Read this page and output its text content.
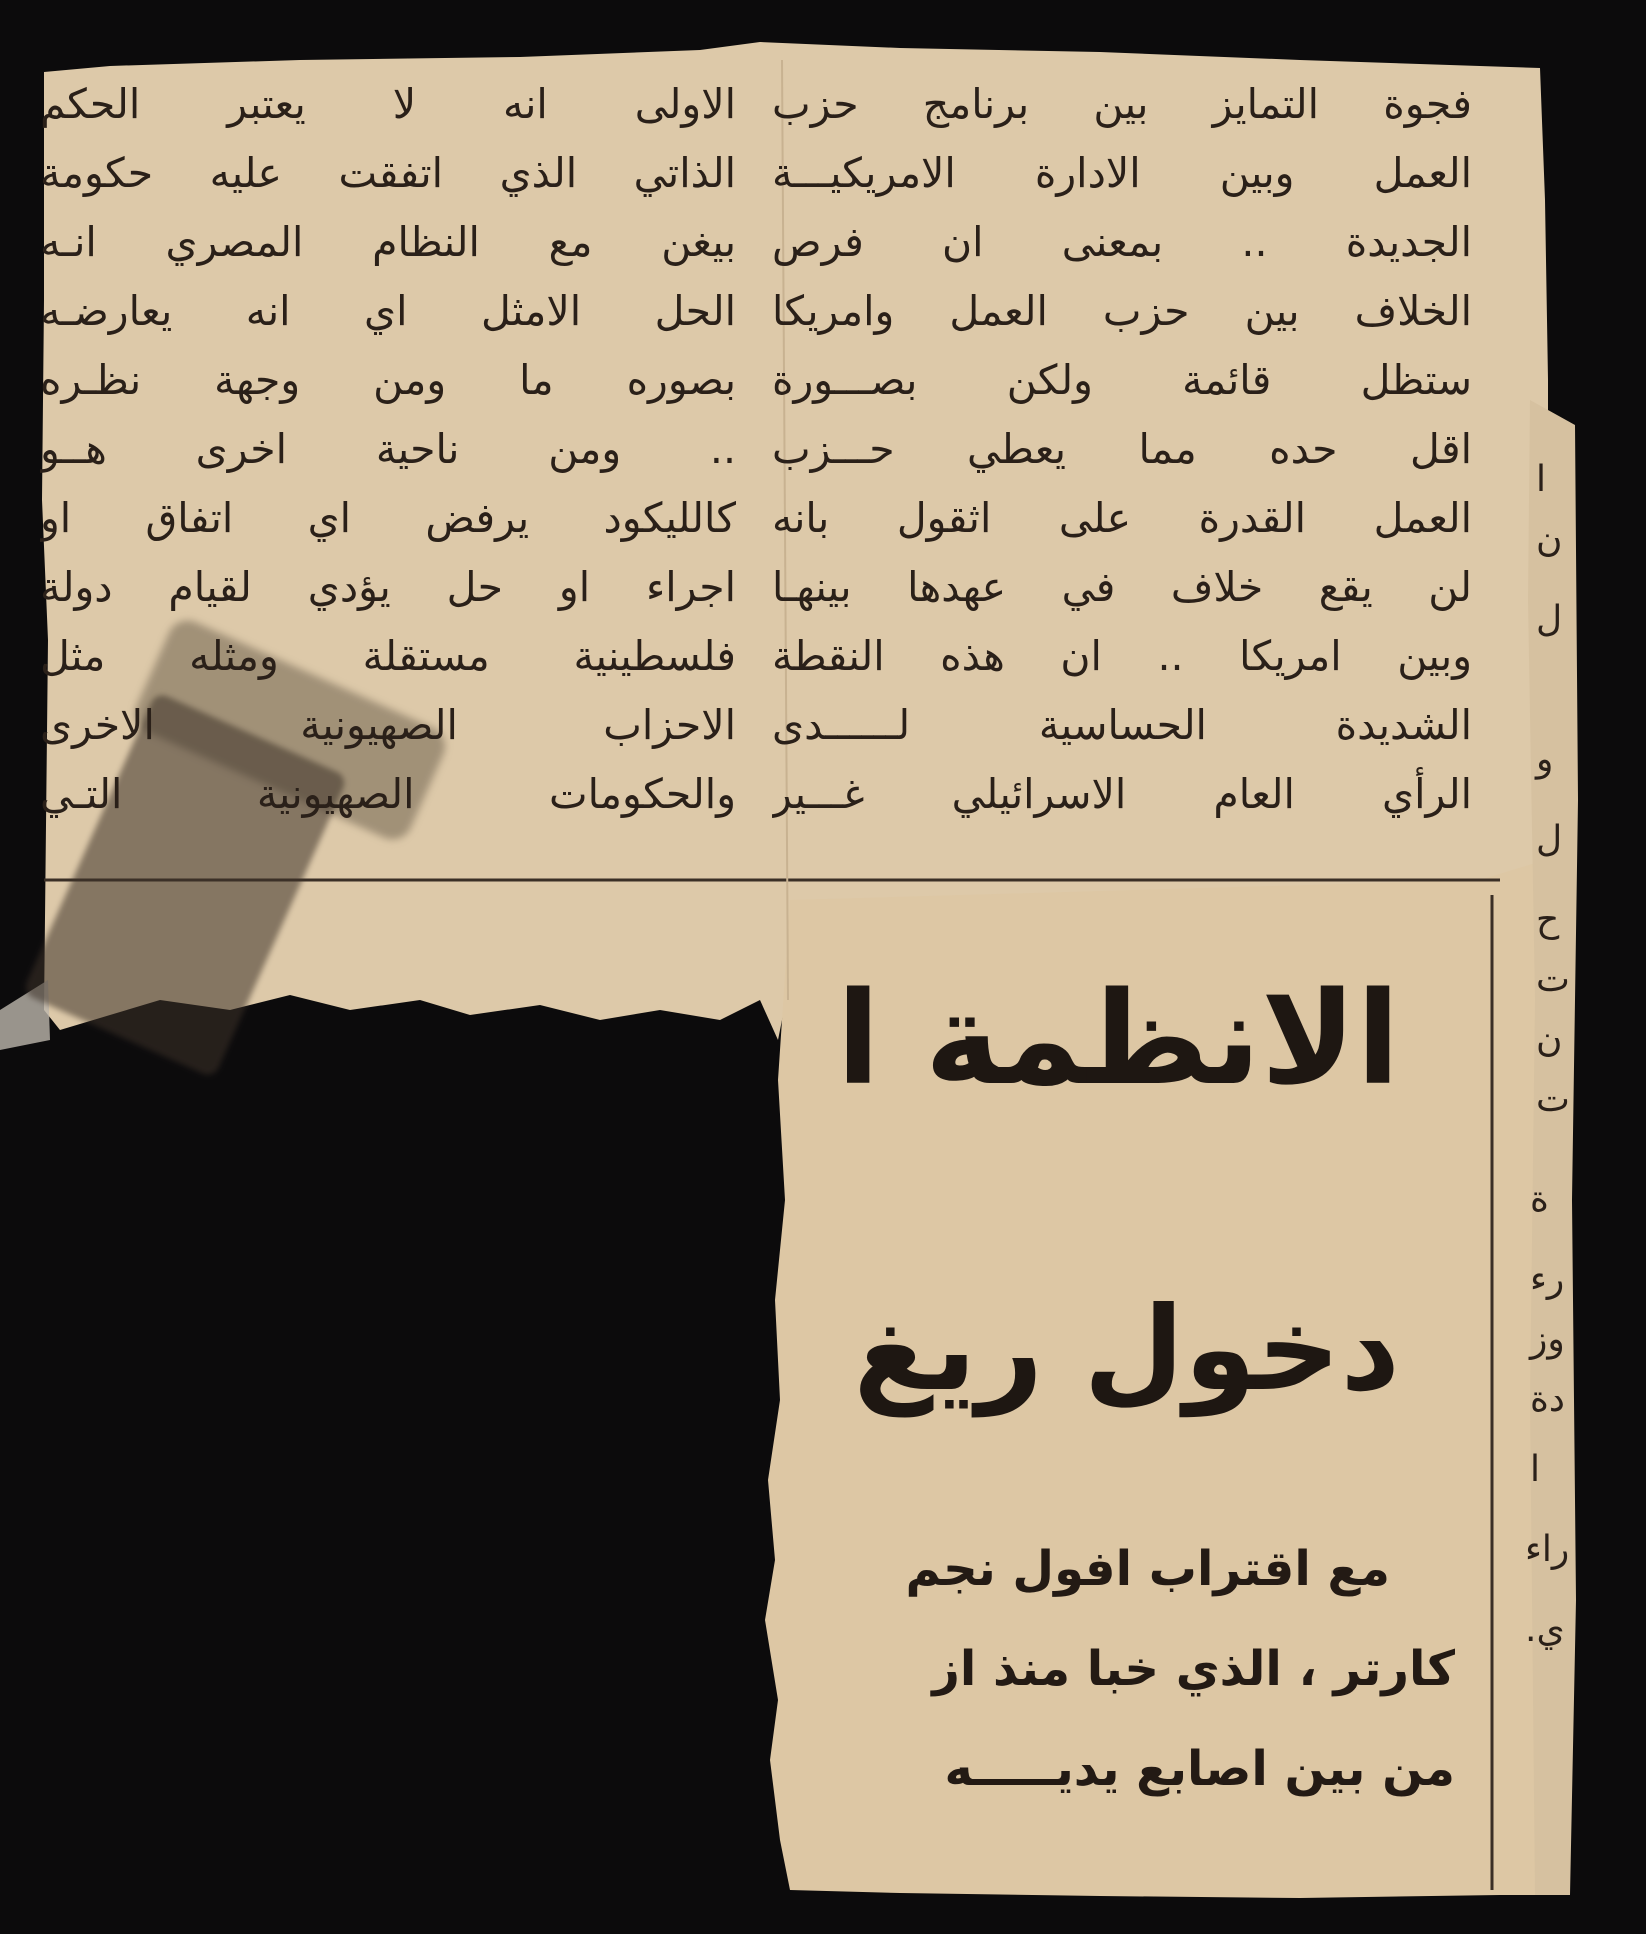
فجوة التمايز بين برنامج حزب
العمل وبين الادارة الامريكيـــة
الجديدة .. بمعنى ان فرص
الخلاف بين حزب العمل وامريكا
ستظل قائمة ولكن بصـــورة
اقل حده مما يعطي حـــزب
العمل القدرة على اثقول بانه
لن يقع خلاف في عهدها بينهـا
وبين امريكا .. ان هذه النقطة
الشديدة الحساسية لــــــدى
الرأي العام الاسرائيلي غـــير
الاولى انه لا يعتبر الحكم
الذاتي الذي اتفقت عليه حكومة
بيغن مع النظام المصري انـه
الحل الامثل اي انه يعارضـه
بصوره ما ومن وجهة نظـره
.. ومن ناحية اخرى هــو
كالليكود يرفض اي اتفاق او
اجراء او حل يؤدي لقيام دولة
فلسطينية مستقلة ومثله مثل
الاحزاب الصهيونية الاخرى
والحكومات الصهيونية التـي
الانظمة ا
دخول ريغ
مع اقتراب افول نجم
كارتر ، الذي خبا منذ از
من بين اصابع يديـــــه
ا
ن
ل
و
ل
ح
ت
ن
ت
ة
رء
وز
دة
ا
راء
ي.
